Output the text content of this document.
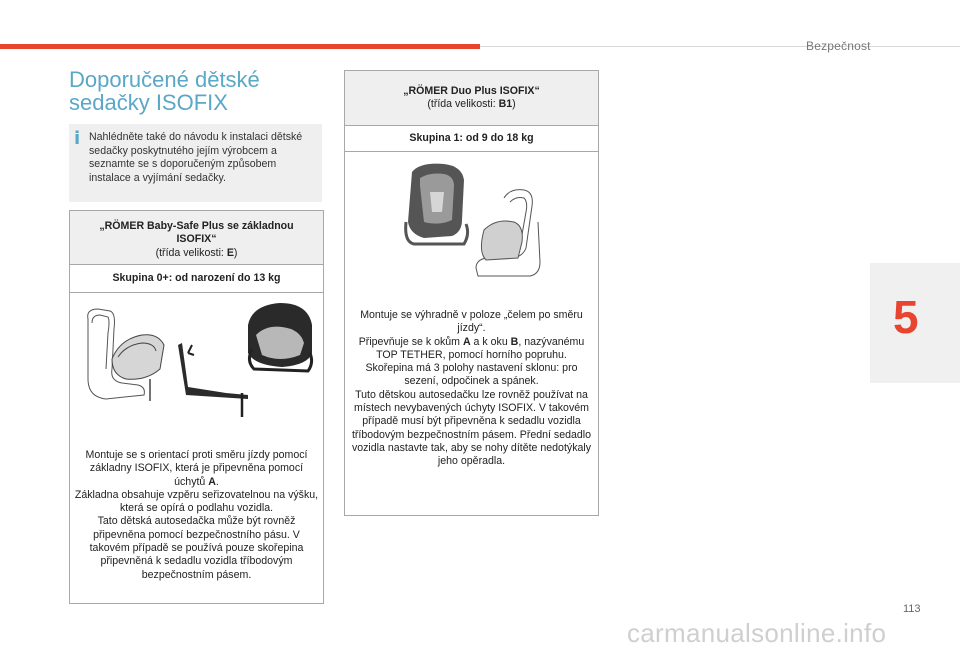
Bezpečnost
5
Doporučené dětské
sedačky ISOFIX
i Nahlédněte také do návodu k instalaci dětské sedačky poskytnutého jejím výrobcem a seznamte se s doporučeným způsobem instalace a vyjímání sedačky.
„RÖMER Baby-Safe Plus se základnou ISOFIX“
(třída velikosti: E)
Skupina 0+: od narození do 13 kg
Montuje se s orientací proti směru jízdy pomocí základny ISOFIX, která je připevněna pomocí úchytů A.
Základna obsahuje vzpěru seřizovatelnou na výšku, která se opírá o podlahu vozidla.
Tato dětská autosedačka může být rovněž připevněna pomocí bezpečnostního pásu. V takovém případě se používá pouze skořepina připevněná k sedadlu vozidla tříbodovým bezpečnostním pásem.
„RÖMER Duo Plus ISOFIX“
(třída velikosti: B1)
Skupina 1: od 9 do 18 kg
Montuje se výhradně v poloze „čelem po směru jízdy“.
Připevňuje se k okům A a k oku B, nazývanému TOP TETHER, pomocí horního popruhu.
Skořepina má 3 polohy nastavení sklonu: pro sezení, odpočinek a spánek.
Tuto dětskou autosedačku lze rovněž používat na místech nevybavených úchyty ISOFIX. V takovém případě musí být připevněna k sedadlu vozidla tříbodovým bezpečnostním pásem. Přední sedadlo vozidla nastavte tak, aby se nohy dítěte nedotýkaly jeho opěradla.
113
carmanualsonline.info
